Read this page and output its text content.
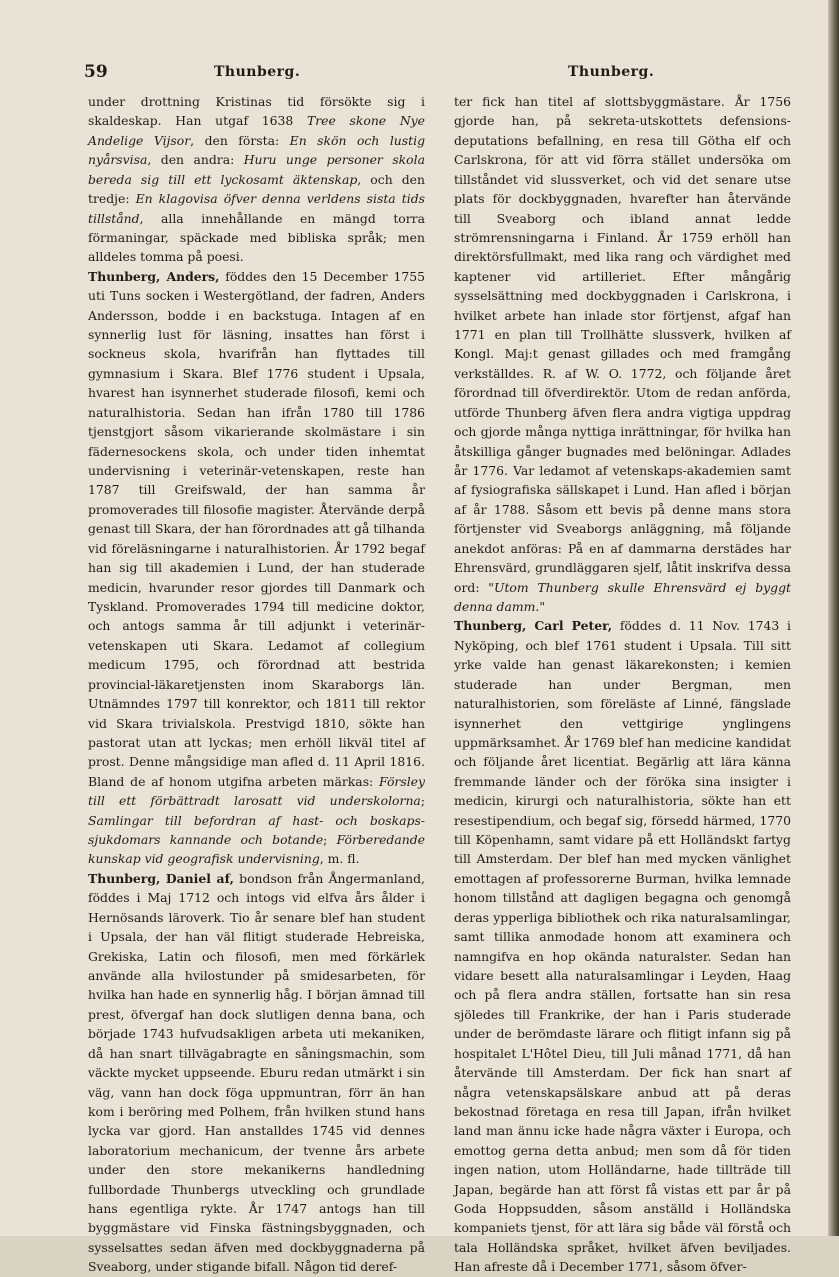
59	Thunberg.	Thunberg.

under drottning Kristinas tid försökte sig i skaldeskap. Han utgaf 1638 Tree skone Nye Andelige Vijsor, den första: En skön och lustig nyårsvisa, den andra: Huru unge personer skola bereda sig till ett lyckosamt äktenskap, och den tredje: En klagovisa öfver denna verldens sista tids tillstånd, alla innehållande en mängd torra förmaningar, späckade med bibliska språk; men alldeles tomma på poesi.

Thunberg, Anders, föddes den 15 December 1755 uti Tuns socken i Westergötland, der fadren, Anders Andersson, bodde i en backstuga. Intagen af en synnerlig lust för läsning, insattes han först i sockneus skola, hvarifrån han flyttades till gymnasium i Skara. Blef 1776 student i Upsala, hvarest han isynnerhet studerade filosofi, kemi och naturalhistoria. Sedan han ifrån 1780 till 1786 tjenstgjort såsom vikarierande skolmästare i sin fädernesockens skola, och under tiden inhemtat undervisning i veterinär-vetenskapen, reste han 1787 till Greifswald, der han samma år promoverades till filosofie magister. Återvände derpå genast till Skara, der han förordnades att gå tilhanda vid föreläsningarne i naturalhistorien. År 1792 begaf han sig till akademien i Lund, der han studerade medicin, hvarunder resor gjordes till Danmark och Tyskland. Promoverades 1794 till medicine doktor, och antogs samma år till adjunkt i veterinär-vetenskapen uti Skara. Ledamot af collegium medicum 1795, och förordnad att bestrida provincial-läkaretjensten inom Skaraborgs län. Utnämndes 1797 till konrektor, och 1811 till rektor vid Skara trivialskola. Prestvigd 1810, sökte han pastorat utan att lyckas; men erhöll likväl titel af prost. Denne mångsidige man afled d. 11 April 1816. Bland de af honom utgifna arbeten märkas: Försley till ett förbättradt larosatt vid underskolorna; Samlingar till befordran af hast- och boskaps-sjukdomars kannande och botande; Förberedande kunskap vid geografisk undervisning, m. fl.

Thunberg, Daniel af, bondson från Ångermanland, föddes i Maj 1712 och intogs vid elfva års ålder i Hernösands läroverk. Tio år senare blef han student i Upsala, der han väl flitigt studerade Hebreiska, Grekiska, Latin och filosofi, men med förkärlek använde alla hvilostunder på smidesarbeten, för hvilka han hade en synnerlig håg. I början ämnad till prest, öfvergaf han dock slutligen denna bana, och började 1743 hufvudsakligen arbeta uti mekaniken, då han snart tillvägabragte en såningsmachin, som väckte mycket uppseende. Eburu redan utmärkt i sin väg, vann han dock föga uppmuntran, förr än han kom i beröring med Polhem, från hvilken stund hans lycka var gjord. Han anstalldes 1745 vid dennes laboratorium mechanicum, der tvenne års arbete under den store mekanikerns handledning fullbordade Thunbergs utveckling och grundlade hans egentliga rykte. År 1747 antogs han till byggmästare vid Finska fästningsbyggnaden, och sysselsattes sedan äfven med dockbyggnaderna på Sveaborg, under stigande bifall. Någon tid deref-

ter fick han titel af slottsbyggmästare. År 1756 gjorde han, på sekreta-utskottets defensions-deputations befallning, en resa till Götha elf och Carlskrona, för att vid förra stället undersöka om tillståndet vid slussverket, och vid det senare utse plats för dockbyggnaden, hvarefter han återvände till Sveaborg och ibland annat ledde strömrensningarna i Finland. År 1759 erhöll han direktörsfullmakt, med lika rang och värdighet med kaptener vid artilleriet. Efter mångårig sysselsättning med dockbyggnaden i Carlskrona, i hvilket arbete han inlade stor förtjenst, afgaf han 1771 en plan till Trollhätte slussverk, hvilken af Kongl. Maj:t genast gillades och med framgång verkställdes. R. af W. O. 1772, och följande året förordnad till öfverdirektör. Utom de redan anförda, utförde Thunberg äfven flera andra vigtiga uppdrag och gjorde många nyttiga inrättningar, för hvilka han åtskilliga gånger bugnades med belöningar. Adlades år 1776. Var ledamot af vetenskaps-akademien samt af fysiografiska sällskapet i Lund. Han afled i början af år 1788. Såsom ett bevis på denne mans stora förtjenster vid Sveaborgs anläggning, må följande anekdot anföras: På en af dammarna derstädes har Ehrensvärd, grundläggaren sjelf, låtit inskrifva dessa ord: "Utom Thunberg skulle Ehrensvärd ej byggt denna damm."

Thunberg, Carl Peter, föddes d. 11 Nov. 1743 i Nyköping, och blef 1761 student i Upsala. Till sitt yrke valde han genast läkarekonsten; i kemien studerade han under Bergman, men naturalhistorien, som föreläste af Linné, fängslade isynnerhet den vettgirige ynglingens uppmärksamhet. År 1769 blef han medicine kandidat och följande året licentiat. Begärlig att lära känna fremmande länder och der föröka sina insigter i medicin, kirurgi och naturalhistoria, sökte han ett resestipendium, och begaf sig, försedd härmed, 1770 till Köpenhamn, samt vidare på ett Holländskt fartyg till Amsterdam. Der blef han med mycken vänlighet emottagen af professorerne Burman, hvilka lemnade honom tillstånd att dagligen begagna och genomgå deras ypperliga bibliothek och rika naturalsamlingar, samt tillika anmodade honom att examinera och namngifva en hop okända naturalster. Sedan han vidare besett alla naturalsamlingar i Leyden, Haag och på flera andra ställen, fortsatte han sin resa sjöledes till Frankrike, der han i Paris studerade under de berömdaste lärare och flitigt infann sig på hospitalet L'Hôtel Dieu, till Juli månad 1771, då han återvände till Amsterdam. Der fick han snart af några vetenskapsälskare anbud att på deras bekostnad företaga en resa till Japan, ifrån hvilket land man ännu icke hade några växter i Europa, och emottog gerna detta anbud; men som då för tiden ingen nation, utom Holländarne, hade tillträde till Japan, begärde han att först få vistas ett par år på Goda Hoppsudden, såsom anställd i Holländska kompaniets tjenst, för att lära sig både väl förstå och tala Holländska språket, hvilket äfven beviljades. Han afreste då i December 1771, såsom öfver-
